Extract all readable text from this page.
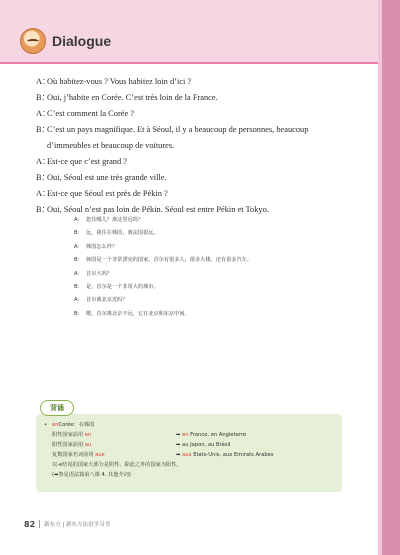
Dialogue
A：
Où habitez-vous ? Vous habitez loin d’ici ?
B：
Oui, j’habite en Corée. C’est très loin de la France.
A：
C’est comment la Corée ?
B：
C’est un pays magnifique. Et à Séoul, il y a beaucoup de personnes, beaucoup
d’immeubles et beaucoup de voitures.
A：
Est-ce que c’est grand ?
B：
Oui, Séoul est une très grande ville.
A：
Est-ce que Séoul est près de Pékin ?
B：
Oui, Séoul n’est pas loin de Pékin. Séoul est entre Pékin et Tokyo.
A： 您住哪儿？离这里远吗？
B： 远，我住在韩国，离法国很远。
A： 韩国怎么样？
B： 韩国是一个非常漂亮的国家，首尔有很多人，很多大楼，还有很多汽车。
A： 首尔大吗？
B： 是，首尔是一个非常大的城市。
A： 首尔离北京近吗？
B： 嗯，首尔离北京不远，它在北京和东京中间。
背诵
• en Corée：在韩国
阴性国家前用 en	➡ en France, en Angleterre
阳性国家前用 au	➡ au Japon, au Brésil
复数国家名词前用 aux	➡ aux Etats-Unis, aux Emirats Arabes
以-e结尾的国家大部分是阴性，除此之外的国家为阳性。
(➡参见语法篇第八课 4. 其他介词)
82 新东方 | 新东方法语学习书
